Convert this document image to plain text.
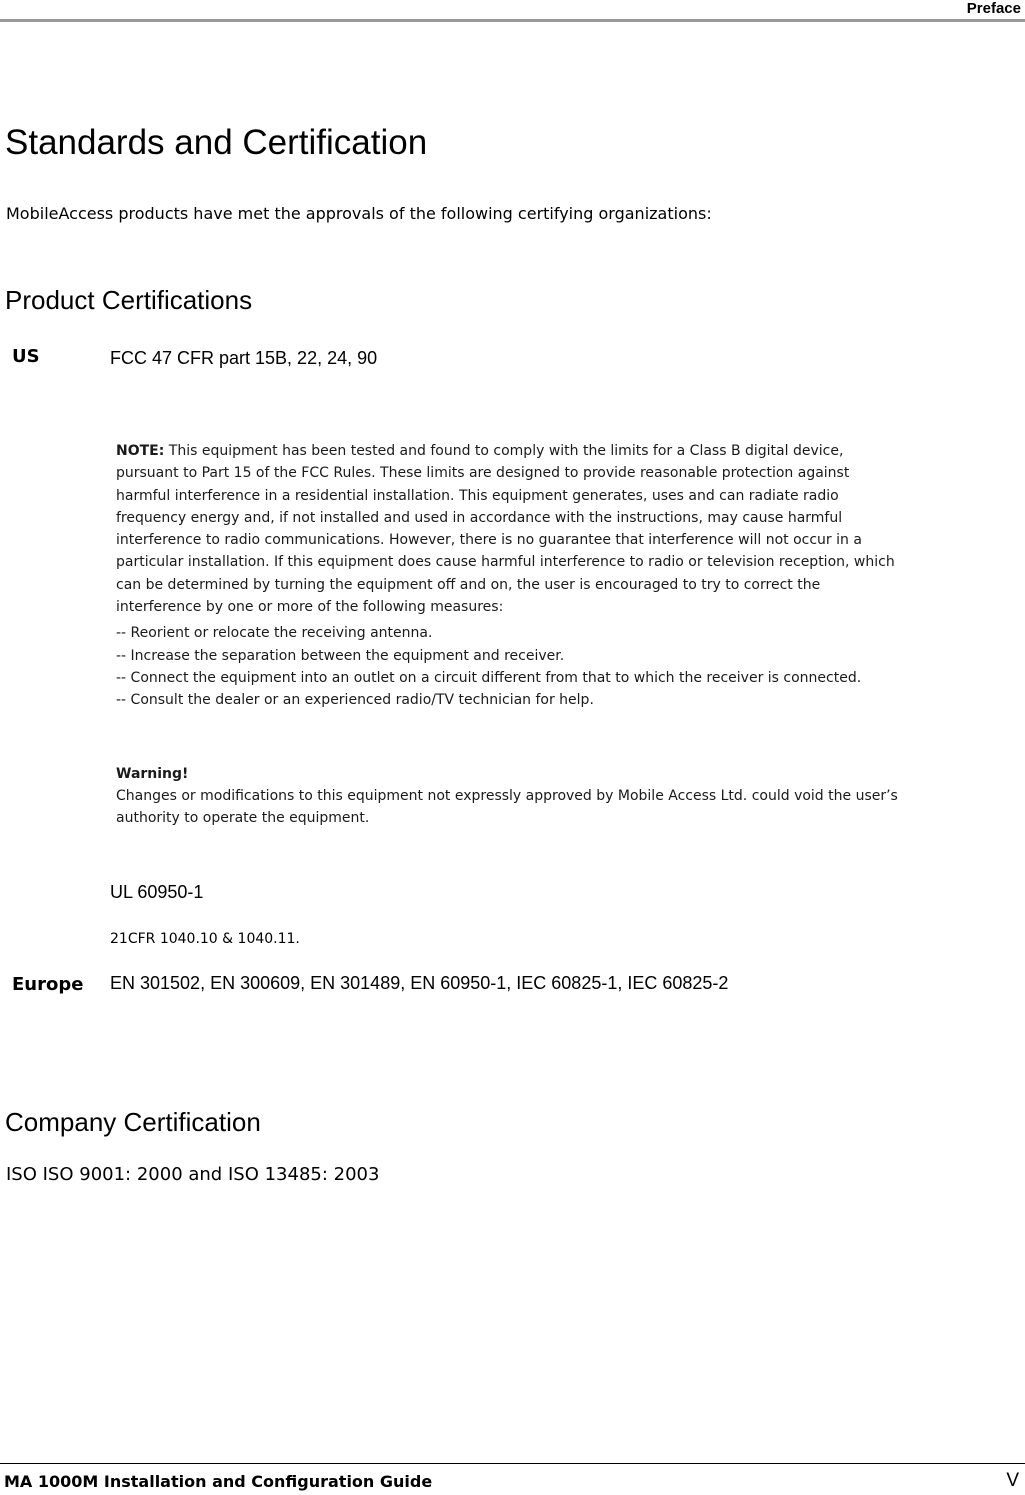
Preface
Standards and Certification
MobileAccess products have met the approvals of the following certifying organizations:
Product Certifications
US	FCC 47 CFR part 15B, 22, 24, 90

NOTE: This equipment has been tested and found to comply with the limits for a Class B digital device, pursuant to Part 15 of the FCC Rules. These limits are designed to provide reasonable protection against harmful interference in a residential installation. This equipment generates, uses and can radiate radio frequency energy and, if not installed and used in accordance with the instructions, may cause harmful interference to radio communications. However, there is no guarantee that interference will not occur in a particular installation. If this equipment does cause harmful interference to radio or television reception, which can be determined by turning the equipment off and on, the user is encouraged to try to correct the interference by one or more of the following measures:

-- Reorient or relocate the receiving antenna.
-- Increase the separation between the equipment and receiver.
-- Connect the equipment into an outlet on a circuit different from that to which the receiver is connected.
-- Consult the dealer or an experienced radio/TV technician for help.
Warning!
Changes or modifications to this equipment not expressly approved by Mobile Access Ltd. could void the user’s authority to operate the equipment.
UL 60950-1
21CFR 1040.10 & 1040.11.
Europe EN 301502, EN 300609, EN 301489, EN 60950-1, IEC 60825-1, IEC 60825-2
Company Certification
ISO ISO 9001: 2000 and ISO 13485: 2003
MA 1000M Installation and Configuration Guide	V
